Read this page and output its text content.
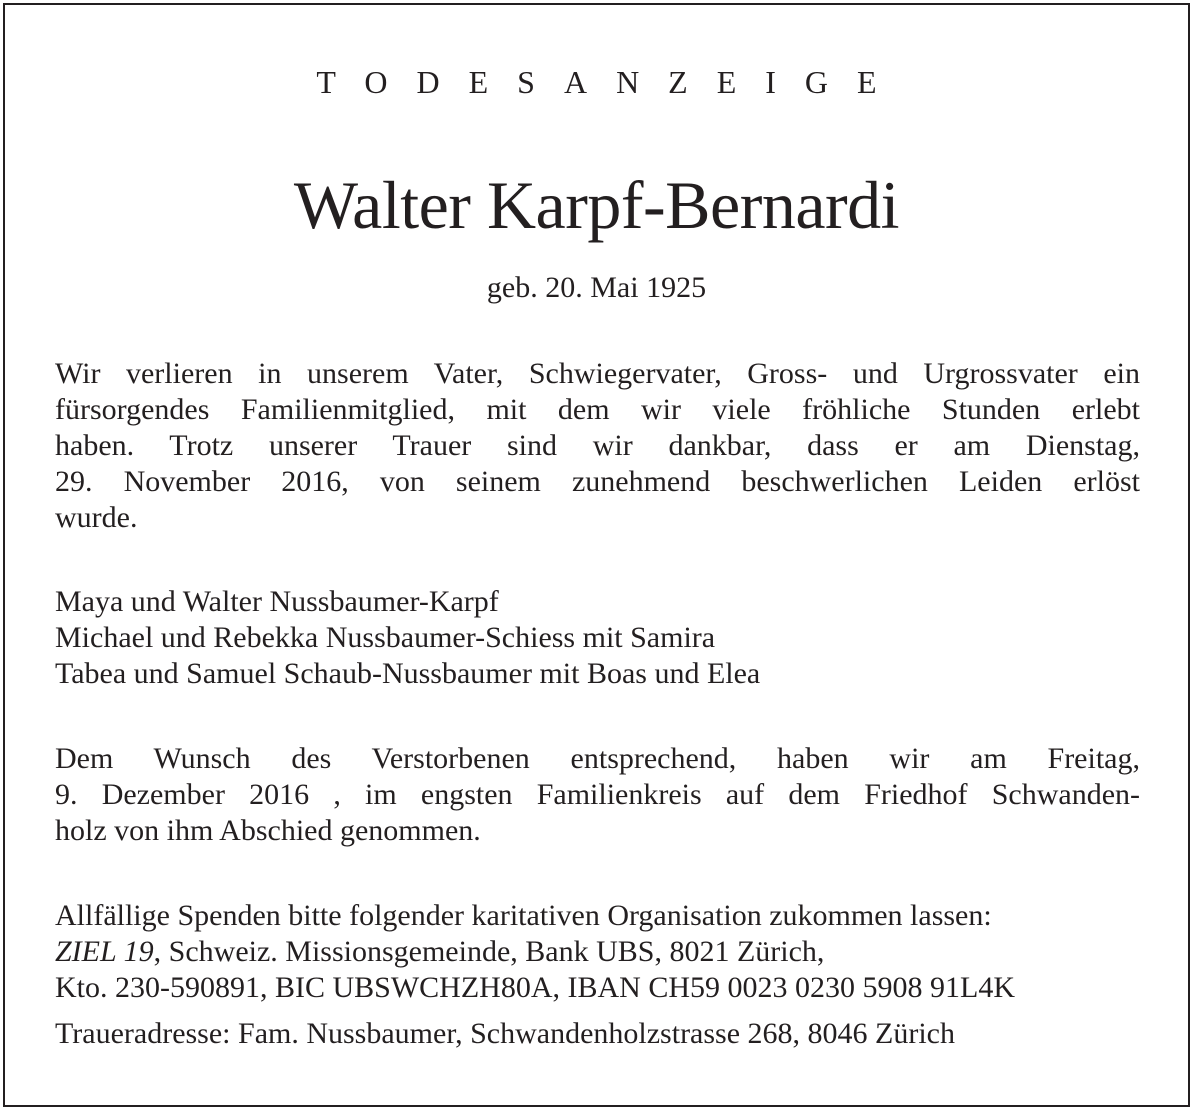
TODESANZEIGE
Walter Karpf-Bernardi
geb. 20. Mai 1925
Wir verlieren in unserem Vater, Schwiegervater, Gross- und Urgrossvater ein
fürsorgendes Familienmitglied, mit dem wir viele fröhliche Stunden erlebt
haben. Trotz unserer Trauer sind wir dankbar, dass er am Dienstag,
29. November 2016, von seinem zunehmend beschwerlichen Leiden erlöst
wurde.
Maya und Walter Nussbaumer-Karpf
Michael und Rebekka Nussbaumer-Schiess mit Samira
Tabea und Samuel Schaub-Nussbaumer mit Boas und Elea
Dem Wunsch des Verstorbenen entsprechend, haben wir am Freitag,
9. Dezember 2016 , im engsten Familienkreis auf dem Friedhof Schwanden-
holz von ihm Abschied genommen.
Allfällige Spenden bitte folgender karitativen Organisation zukommen lassen:
ZIEL 19, Schweiz. Missionsgemeinde, Bank UBS, 8021 Zürich,
Kto. 230-590891, BIC UBSWCHZH80A, IBAN CH59 0023 0230 5908 91L4K
Traueradresse: Fam. Nussbaumer, Schwandenholzstrasse 268, 8046 Zürich
